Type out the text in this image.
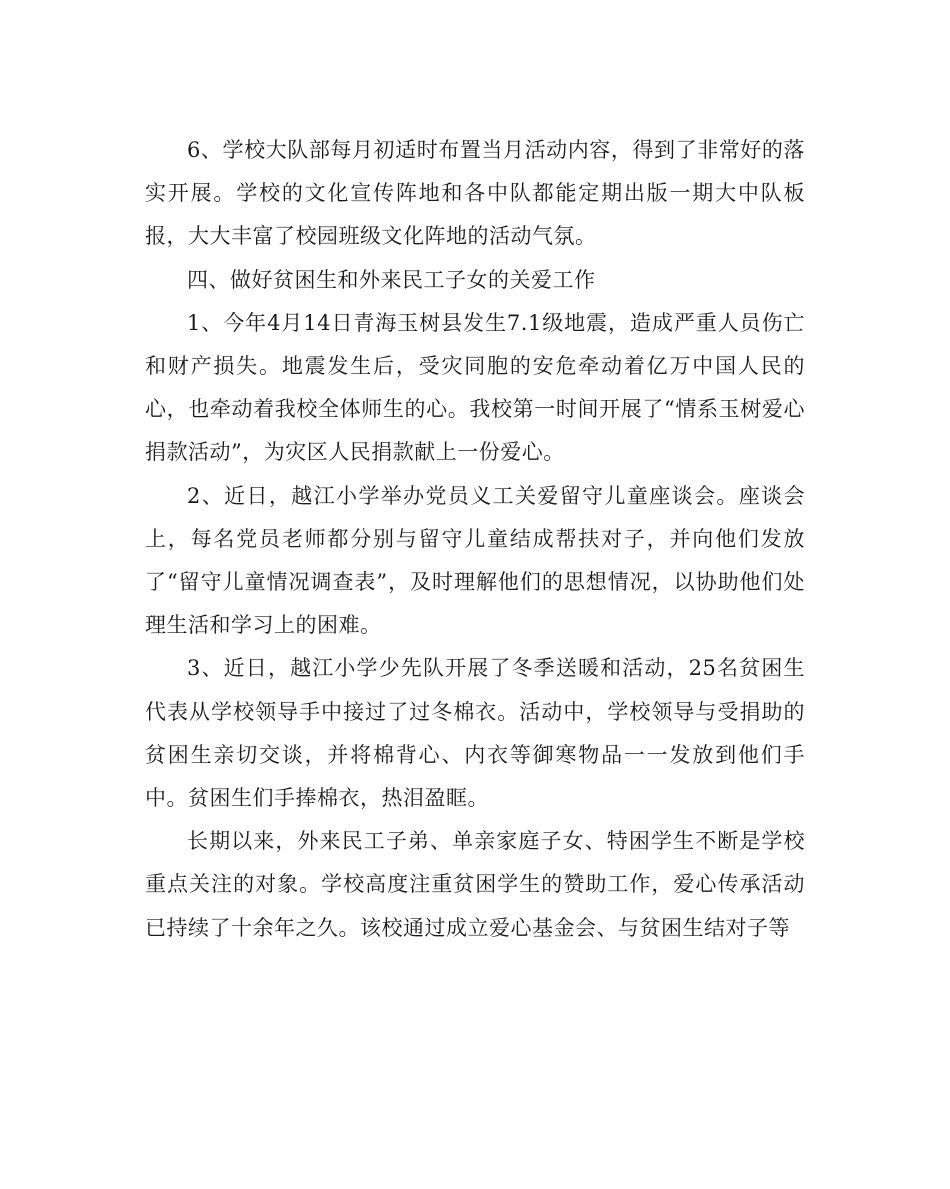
6、学校大队部每月初适时布置当月活动内容，得到了非常好的落实开展。学校的文化宣传阵地和各中队都能定期出版一期大中队板报，大大丰富了校园班级文化阵地的活动气氛。

四、做好贫困生和外来民工子女的关爱工作

1、今年4月14日青海玉树县发生7.1级地震，造成严重人员伤亡和财产损失。地震发生后，受灾同胞的安危牵动着亿万中国人民的心，也牵动着我校全体师生的心。我校第一时间开展了“情系玉树爱心捐款活动”，为灾区人民捐款献上一份爱心。

2、近日，越江小学举办党员义工关爱留守儿童座谈会。座谈会上，每名党员老师都分别与留守儿童结成帮扶对子，并向他们发放了“留守儿童情况调查表”，及时理解他们的思想情况，以协助他们处理生活和学习上的困难。

3、近日，越江小学少先队开展了冬季送暖和活动，25名贫困生代表从学校领导手中接过了过冬棉衣。活动中，学校领导与受捐助的贫困生亲切交谈，并将棉背心、内衣等御寒物品一一发放到他们手中。贫困生们手捧棉衣，热泪盈眶。

长期以来，外来民工子弟、单亲家庭子女、特困学生不断是学校重点关注的对象。学校高度注重贫困学生的赞助工作，爱心传承活动已持续了十余年之久。该校通过成立爱心基金会、与贫困生结对子等
